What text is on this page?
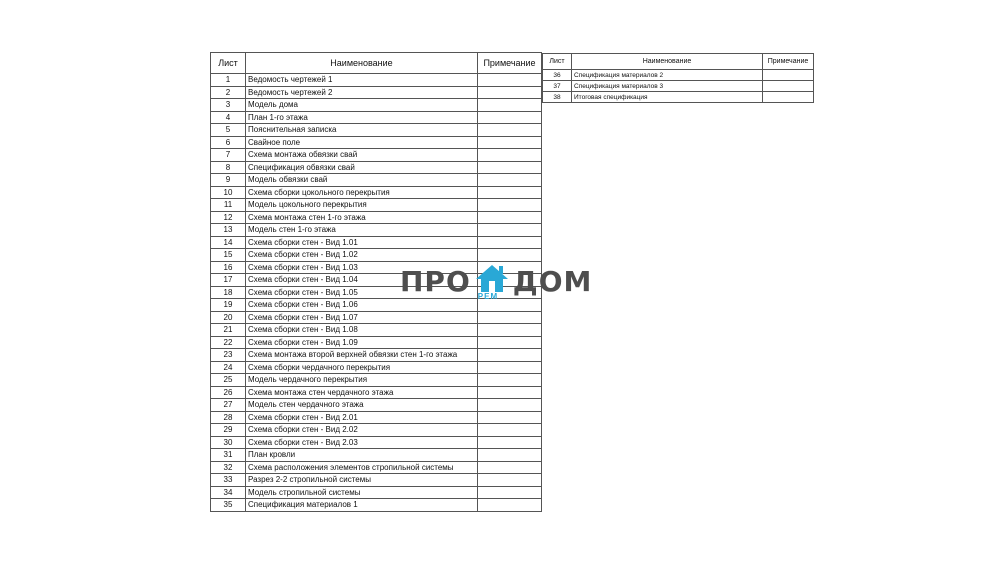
Лист	Наименование	Примечание
1	Ведомость чертежей 1	
2	Ведомость чертежей 2	
3	Модель дома	
4	План 1-го этажа	
5	Пояснительная записка	
6	Свайное поле	
7	Схема монтажа обвязки свай	
8	Спецификация обвязки свай	
9	Модель обвязки свай	
10	Схема сборки цокольного перекрытия	
11	Модель цокольного перекрытия	
12	Схема монтажа стен 1-го этажа	
13	Модель стен 1-го этажа	
14	Схема сборки стен - Вид 1.01	
15	Схема сборки стен - Вид 1.02	
16	Схема сборки стен - Вид 1.03	
17	Схема сборки стен - Вид 1.04	
18	Схема сборки стен - Вид 1.05	
19	Схема сборки стен - Вид 1.06	
20	Схема сборки стен - Вид 1.07	
21	Схема сборки стен - Вид 1.08	
22	Схема сборки стен - Вид 1.09	
23	Схема монтажа второй верхней обвязки стен 1-го этажа	
24	Схема сборки чердачного перекрытия	
25	Модель чердачного перекрытия	
26	Схема монтажа стен чердачного этажа	
27	Модель стен чердачного этажа	
28	Схема сборки стен - Вид 2.01	
29	Схема сборки стен - Вид 2.02	
30	Схема сборки стен - Вид 2.03	
31	План кровли	
32	Схема расположения элементов стропильной системы	
33	Разрез 2-2 стропильной системы	
34	Модель стропильной системы	
35	Спецификация материалов 1	
Лист	Наименование	Примечание
36	Спецификация материалов 2	
37	Спецификация материалов 3	
38	Итоговая спецификация	
ПРО РЕМ ДОМ
